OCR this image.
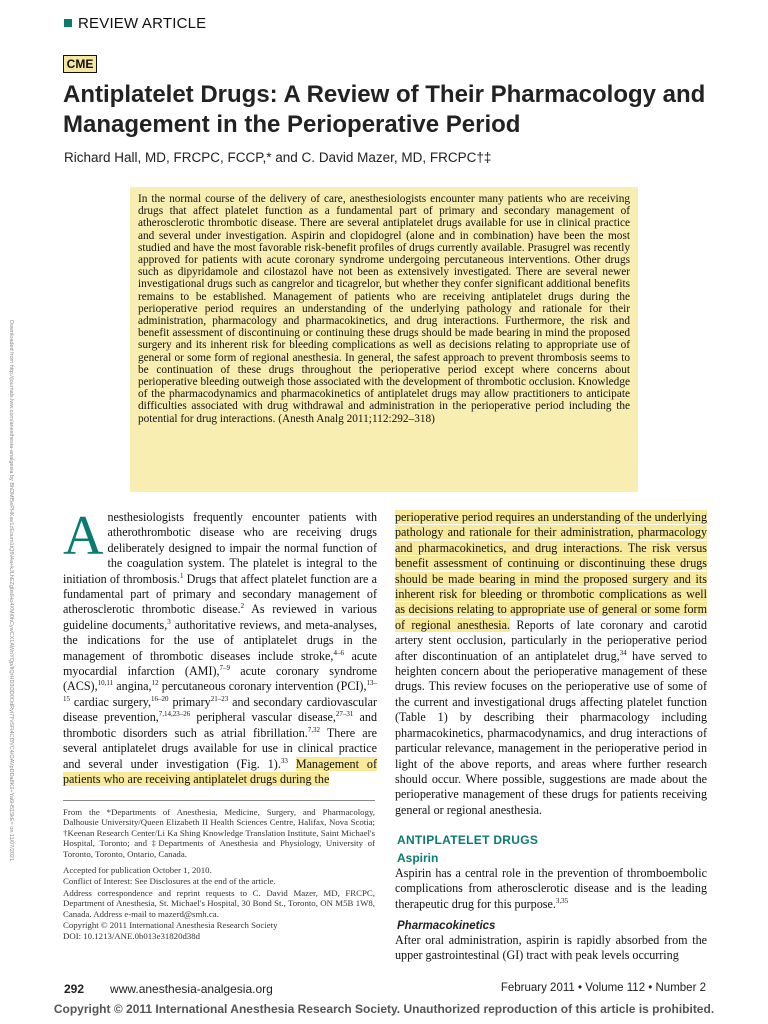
REVIEW ARTICLE
CME
Antiplatelet Drugs: A Review of Their Pharmacology and Management in the Perioperative Period
Richard Hall, MD, FRCPC, FCCP,* and C. David Mazer, MD, FRCPC†‡

In the normal course of the delivery of care, anesthesiologists encounter many patients who are receiving drugs that affect platelet function as a fundamental part of primary and secondary management of atherosclerotic thrombotic disease. There are several antiplatelet drugs available for use in clinical practice and several under investigation. Aspirin and clopidogrel (alone and in combination) have been the most studied and have the most favorable risk-benefit profiles of drugs currently available. Prasugrel was recently approved for patients with acute coronary syndrome undergoing percutaneous interventions. Other drugs such as dipyridamole and cilostazol have not been as extensively investigated. There are several newer investigational drugs such as cangrelor and ticagrelor, but whether they confer significant additional benefits remains to be established. Management of patients who are receiving antiplatelet drugs during the perioperative period requires an understanding of the underlying pathology and rationale for their administration, pharmacology and pharmacokinetics, and drug interactions. Furthermore, the risk and benefit assessment of discontinuing or continuing these drugs should be made bearing in mind the proposed surgery and its inherent risk for bleeding complications as well as decisions relating to appropriate use of general or some form of regional anesthesia. In general, the safest approach to prevent thrombosis seems to be continuation of these drugs throughout the perioperative period except where concerns about perioperative bleeding outweigh those associated with the development of thrombotic occlusion. Knowledge of the pharmacodynamics and pharmacokinetics of antiplatelet drugs may allow practitioners to anticipate difficulties associated with drug withdrawal and administration in the perioperative period including the potential for drug interactions. (Anesth Analg 2011;112:292–318)

Downloaded from http://journals.lww.com/anesthesia-analgesia by BhDMf5ePHKav1zEoum1tQfN4a+kJLhEZgbsIHo4XMi0hCywCX1AWnYQp/IlQrHD3i3D0OdRyi7TvSFl4Cf3VC4/OAVpDDa8K2+Ya6H515kE= on 11/07/2021 Anesthesiologists frequently encounter patients with atherothrombotic disease who are receiving drugs deliberately designed to impair the normal function of the coagulation system. The platelet is integral to the initiation of thrombosis.$^1$ Drugs that affect platelet function are a fundamental part of primary and secondary management of atherosclerotic thrombotic disease.$^2$ As reviewed in various guideline documents,$^3$ authoritative reviews, and meta-analyses, the indications for the use of antiplatelet drugs in the management of thrombotic diseases include stroke,$^{4-6}$ acute myocardial infarction (AMI),$^{7-9}$ acute coronary syndrome (ACS),$^{10,11}$ angina,$^{12}$ percutaneous coronary intervention (PCI),$^{13-15}$ cardiac surgery,$^{16-20}$ primary$^{21-23}$ and secondary cardiovascular disease prevention,$^{7,14,23-26}$ peripheral vascular disease,$^{27-31}$ and thrombotic disorders such as atrial fibrillation.$^{7,32}$ There are several antiplatelet drugs available for use in clinical practice and several under investigation (Fig. 1).$^{33}$ Management of patients who are receiving antiplatelet drugs during the
perioperative period requires an understanding of the underlying pathology and rationale for their administration, pharmacology and pharmacokinetics, and drug interactions. The risk versus benefit assessment of continuing or discontinuing these drugs should be made bearing in mind the proposed surgery and its inherent risk for bleeding or thrombotic complications as well as decisions relating to appropriate use of general or some form of regional anesthesia. Reports of late coronary and carotid artery stent occlusion, particularly in the perioperative period after discontinuation of an antiplatelet drug,$^{34}$ have served to heighten concern about the perioperative management of these drugs. This review focuses on the perioperative use of some of the current and investigational drugs affecting platelet function (Table 1) by describing their pharmacology including pharmacokinetics, pharmacodynamics, and drug interactions of particular relevance, management in the perioperative period in light of the above reports, and areas where further research should occur. Where possible, suggestions are made about the perioperative management of these drugs for patients receiving general or regional anesthesia.

From the *Departments of Anesthesia, Medicine, Surgery, and Pharmacology, Dalhousie University/Queen Elizabeth II Health Sciences Centre, Halifax, Nova Scotia; †Keenan Research Center/Li Ka Shing Knowledge Translation Institute, Saint Michael's Hospital, Toronto; and ‡Departments of Anesthesia and Physiology, University of Toronto, Toronto, Ontario, Canada.

Accepted for publication October 1, 2010.

Conflict of Interest: See Disclosures at the end of the article.

Address correspondence and reprint requests to C. David Mazer, MD, FRCPC, Department of Anesthesia, St. Michael's Hospital, 30 Bond St., Toronto, ON M5B 1W8, Canada. Address e-mail to mazerd@smh.ca.

Copyright © 2011 International Anesthesia Research Society

DOI: 10.1213/ANE.0b013e31820d38d

ANTIPLATELET DRUGS
Aspirin
Aspirin has a central role in the prevention of thromboembolic complications from atherosclerotic disease and is the leading therapeutic drug for this purpose.$^{3,35}$
Pharmacokinetics
After oral administration, aspirin is rapidly absorbed from the upper gastrointestinal (GI) tract with peak levels occurring
292 www.anesthesia-analgesia.org	February 2011 • Volume 112 • Number 2
Copyright © 2011 International Anesthesia Research Society. Unauthorized reproduction of this article is prohibited.
